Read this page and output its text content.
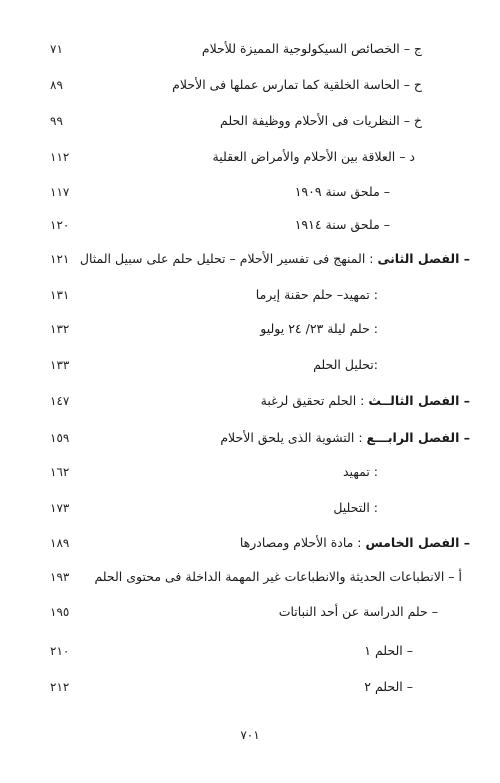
ج – الخصائص السيكولوجية المميزة للأحلام
٧١
ح – الحاسة الخلقية كما تمارس عملها فى الأحلام
٨٩
خ – النظريات فى الأحلام ووظيفة الحلم
٩٩
د – العلاقة بين الأحلام والأمراض العقلية
١١٢
– ملحق سنة ١٩٠٩
١١٧
– ملحق سنة ١٩١٤
١٢٠
– الفصل الثانى : المنهج فى تفسير الأحلام – تحليل حلم على سبيل المثال
١٢١
: تمهيد– حلم حقنة إيرما
١٣١
: حلم ليلة ٢٣/ ٢٤ يوليو
١٣٢
:تحليل الحلم
١٣٣
– الفصل الثالــث : الحلم تحقيق لرغبة
١٤٧
– الفصل الرابـــع : التشوية الذى يلحق الأحلام
١٥٩
: تمهيد
١٦٢
: التحليل
١٧٣
– الفصل الخامس : مادة الأحلام ومصادرها
١٨٩
أ – الانطباعات الحديثة والانطباعات غير المهمة الداخلة فى محتوى الحلم
١٩٣
– حلم الدراسة عن أحد النباتات
١٩٥
– الحلم ١
٢١٠
– الحلم ٢
٢١٢
٧٠١
